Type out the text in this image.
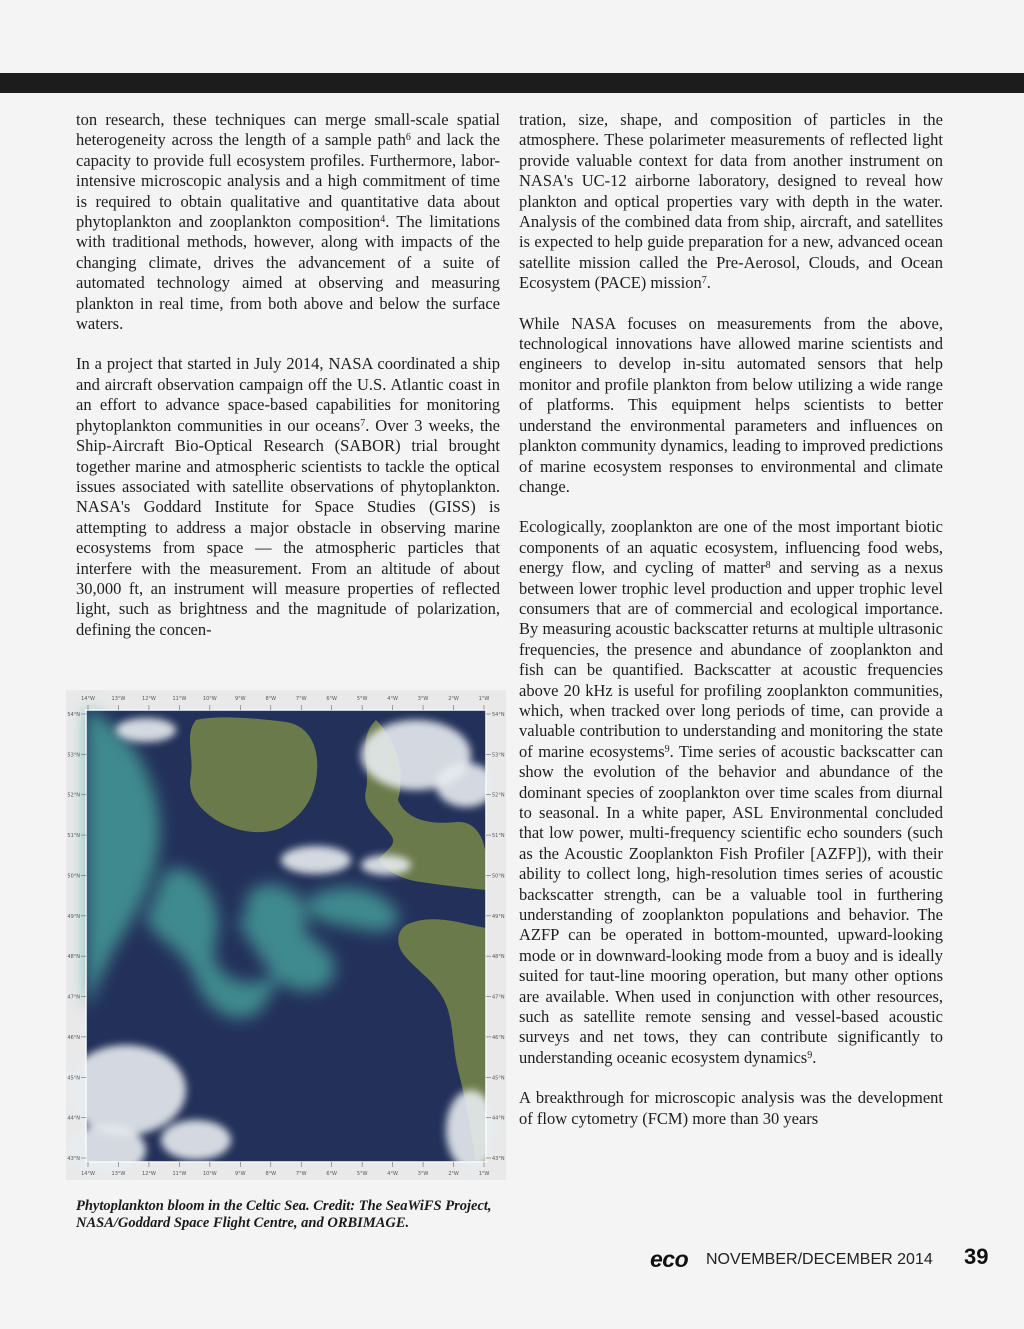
ton research, these techniques can merge small-scale spatial heterogeneity across the length of a sample path$^6$ and lack the capacity to provide full ecosystem profiles. Furthermore, labor-intensive microscopic analysis and a high commitment of time is required to obtain qualitative and quantitative data about phytoplankton and zooplankton composition$^4$. The limitations with traditional methods, however, along with impacts of the changing climate, drives the advancement of a suite of automated technology aimed at observing and measuring plankton in real time, from both above and below the surface waters.

In a project that started in July 2014, NASA coordinated a ship and aircraft observation campaign off the U.S. Atlantic coast in an effort to advance space-based capabilities for monitoring phytoplankton communities in our oceans$^7$. Over 3 weeks, the Ship-Aircraft Bio-Optical Research (SABOR) trial brought together marine and atmospheric scientists to tackle the optical issues associated with satellite observations of phytoplankton. NASA's Goddard Institute for Space Studies (GISS) is attempting to address a major obstacle in observing marine ecosystems from space — the atmospheric particles that interfere with the measurement. From an altitude of about 30,000 ft, an instrument will measure properties of reflected light, such as brightness and the magnitude of polarization, defining the concen-

tration, size, shape, and composition of particles in the atmosphere. These polarimeter measurements of reflected light provide valuable context for data from another instrument on NASA's UC-12 airborne laboratory, designed to reveal how plankton and optical properties vary with depth in the water. Analysis of the combined data from ship, aircraft, and satellites is expected to help guide preparation for a new, advanced ocean satellite mission called the Pre-Aerosol, Clouds, and Ocean Ecosystem (PACE) mission$^7$.

While NASA focuses on measurements from the above, technological innovations have allowed marine scientists and engineers to develop in-situ automated sensors that help monitor and profile plankton from below utilizing a wide range of platforms. This equipment helps scientists to better understand the environmental parameters and influences on plankton community dynamics, leading to improved predictions of marine ecosystem responses to environmental and climate change.

Ecologically, zooplankton are one of the most important biotic components of an aquatic ecosystem, influencing food webs, energy flow, and cycling of matter$^8$ and serving as a nexus between lower trophic level production and upper trophic level consumers that are of commercial and ecological importance. By measuring acoustic backscatter returns at multiple ultrasonic frequencies, the presence and abundance of zooplankton and fish can be quantified. Backscatter at acoustic frequencies above 20 kHz is useful for profiling zooplankton communities, which, when tracked over long periods of time, can provide a valuable contribution to understanding and monitoring the state of marine ecosystems$^9$. Time series of acoustic backscatter can show the evolution of the behavior and abundance of the dominant species of zooplankton over time scales from diurnal to seasonal. In a white paper, ASL Environmental concluded that low power, multi-frequency scientific echo sounders (such as the Acoustic Zooplankton Fish Profiler [AZFP]), with their ability to collect long, high-resolution times series of acoustic backscatter strength, can be a valuable tool in furthering understanding of zooplankton populations and behavior. The AZFP can be operated in bottom-mounted, upward-looking mode or in downward-looking mode from a buoy and is ideally suited for taut-line mooring operation, but many other options are available. When used in conjunction with other resources, such as satellite remote sensing and vessel-based acoustic surveys and net tows, they can contribute significantly to understanding oceanic ecosystem dynamics$^9$.

A breakthrough for microscopic analysis was the development of flow cytometry (FCM) more than 30 years

14°W	13°W	12°W	11°W	10°W	9°W	8°W	7°W	6°W	5°W	4°W	3°W	2°W	1°W
14°W	13°W	12°W	11°W	10°W	9°W	8°W	7°W	6°W	5°W	4°W	3°W	2°W	1°W
54°N
53°N
52°N
51°N
50°N
49°N
48°N
47°N
46°N
45°N
44°N
43°N
54°N
53°N
52°N
51°N
50°N
49°N
48°N
47°N
46°N
45°N
44°N
43°N
Phytoplankton bloom in the Celtic Sea. Credit: The SeaWiFS Project, NASA/Goddard Space Flight Centre, and ORBIMAGE.
eco NOVEMBER/DECEMBER 2014 39
